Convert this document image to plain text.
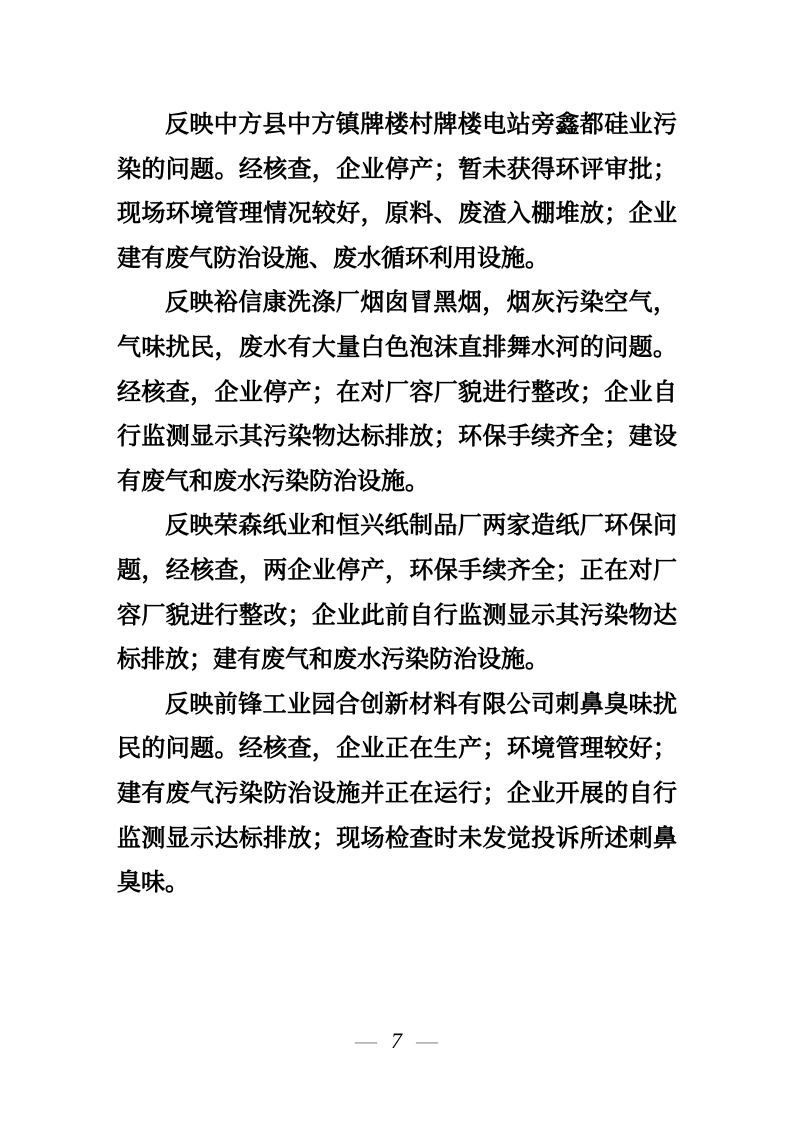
反映中方县中方镇牌楼村牌楼电站旁鑫都硅业污染的问题。经核查，企业停产；暂未获得环评审批；现场环境管理情况较好，原料、废渣入棚堆放；企业建有废气防治设施、废水循环利用设施。

反映裕信康洗涤厂烟囱冒黑烟，烟灰污染空气，气味扰民，废水有大量白色泡沫直排舞水河的问题。经核查，企业停产；在对厂容厂貌进行整改；企业自行监测显示其污染物达标排放；环保手续齐全；建设有废气和废水污染防治设施。

反映荣森纸业和恒兴纸制品厂两家造纸厂环保问题，经核查，两企业停产，环保手续齐全；正在对厂容厂貌进行整改；企业此前自行监测显示其污染物达标排放；建有废气和废水污染防治设施。

反映前锋工业园合创新材料有限公司刺鼻臭味扰民的问题。经核查，企业正在生产；环境管理较好；建有废气污染防治设施并正在运行；企业开展的自行监测显示达标排放；现场检查时未发觉投诉所述刺鼻臭味。

— 7 —
